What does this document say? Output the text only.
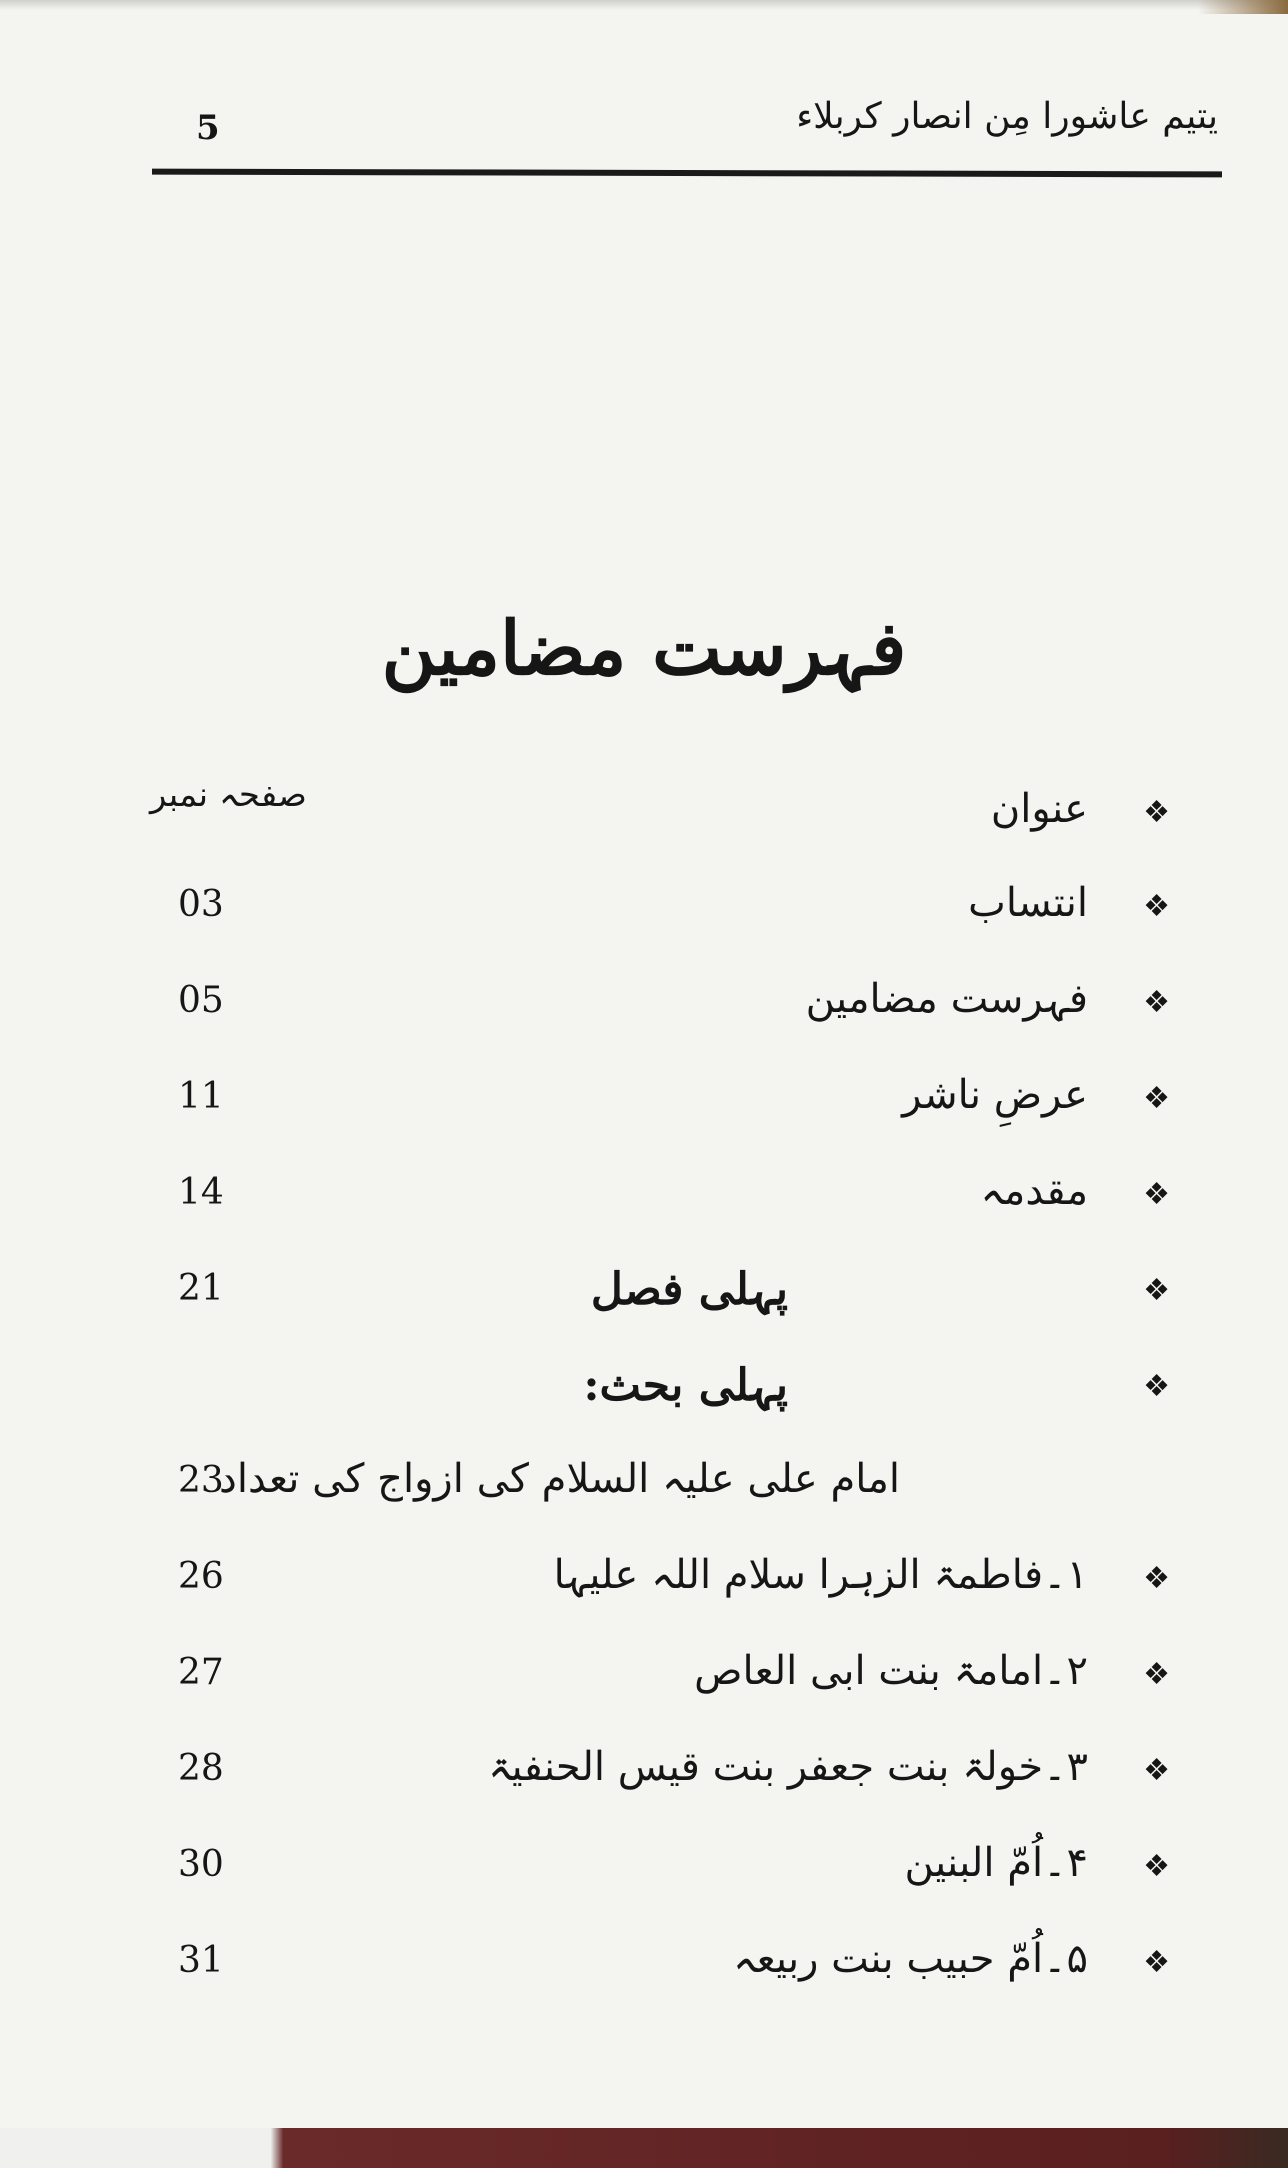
یتیم عاشورا مِن انصار کربلاء
5
فہرست مضامین
صفحہ نمبر	❖
عنوان
❖
انتساب
03
❖
فہرست مضامین
05
❖
عرضِ ناشر
11
❖
مقدمہ
14
❖
پہلی فصل
21
❖
پہلی بحث:
امام علی علیہ السلام کی ازواج کی تعداد
23
❖
۱۔فاطمۃ الزہرا سلام اللہ علیہا
26
❖
۲۔امامۃ بنت ابی العاص
27
❖
۳۔خولۃ بنت جعفر بنت قیس الحنفیۃ
28
❖
۴۔اُمّ البنین
30
❖
۵۔اُمّ حبیب بنت ربیعہ
31
